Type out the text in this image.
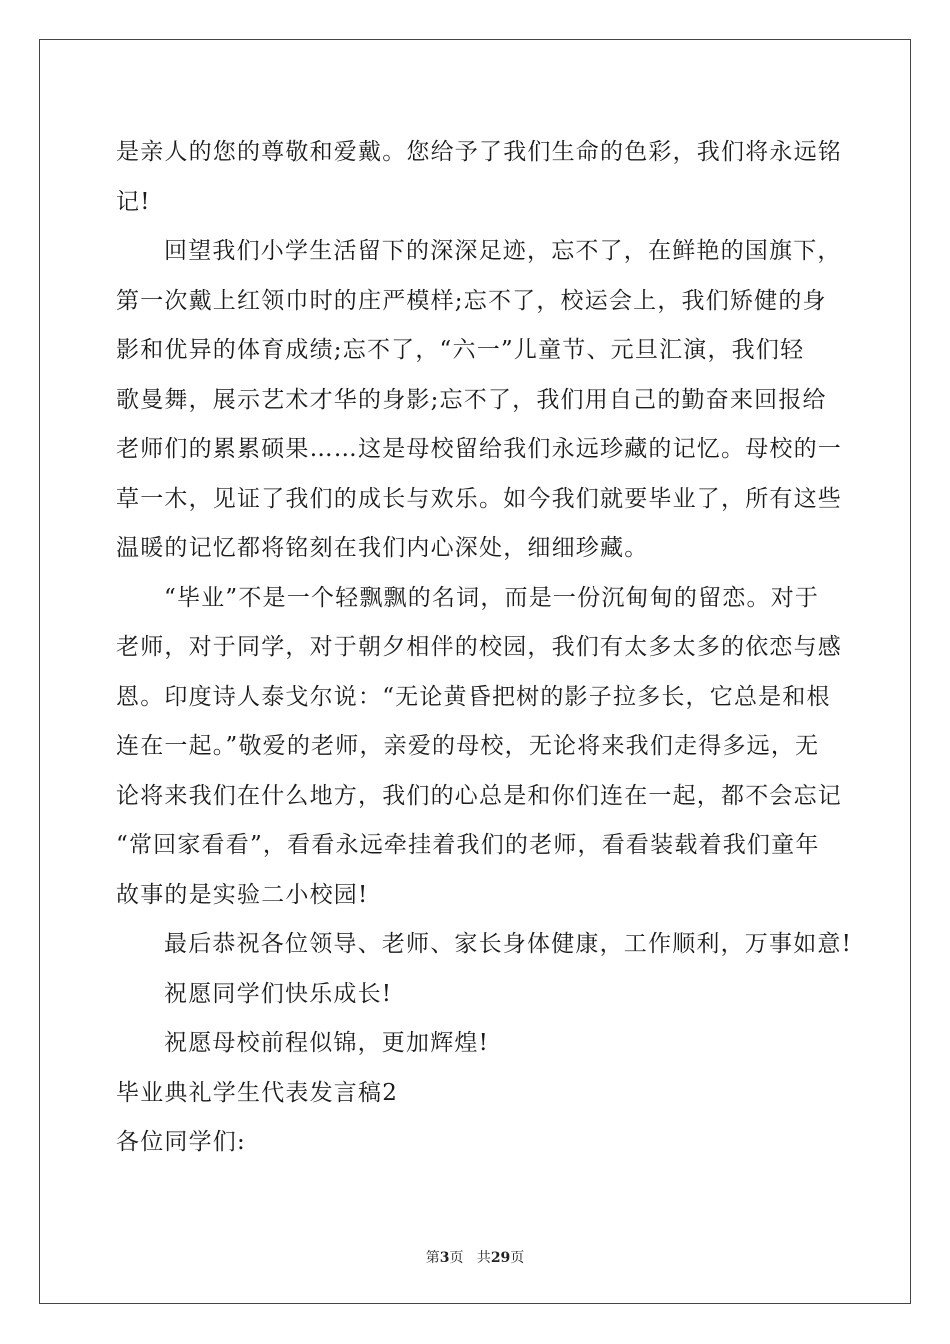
是亲人的您的尊敬和爱戴。您给予了我们生命的色彩，我们将永远铭
记!
回望我们小学生活留下的深深足迹，忘不了，在鲜艳的国旗下，
第一次戴上红领巾时的庄严模样;忘不了，校运会上，我们矫健的身
影和优异的体育成绩;忘不了，“六一”儿童节、元旦汇演，我们轻
歌曼舞，展示艺术才华的身影;忘不了，我们用自己的勤奋来回报给
老师们的累累硕果……这是母校留给我们永远珍藏的记忆。母校的一
草一木，见证了我们的成长与欢乐。如今我们就要毕业了，所有这些
温暖的记忆都将铭刻在我们内心深处，细细珍藏。
“毕业”不是一个轻飘飘的名词，而是一份沉甸甸的留恋。对于
老师，对于同学，对于朝夕相伴的校园，我们有太多太多的依恋与感
恩。印度诗人泰戈尔说：“无论黄昏把树的影子拉多长，它总是和根
连在一起。”敬爱的老师，亲爱的母校，无论将来我们走得多远，无
论将来我们在什么地方，我们的心总是和你们连在一起，都不会忘记
“常回家看看”，看看永远牵挂着我们的老师，看看装载着我们童年
故事的是实验二小校园!
最后恭祝各位领导、老师、家长身体健康，工作顺利，万事如意!
祝愿同学们快乐成长!
祝愿母校前程似锦，更加辉煌!
毕业典礼学生代表发言稿2
各位同学们:
第3页 共29页
